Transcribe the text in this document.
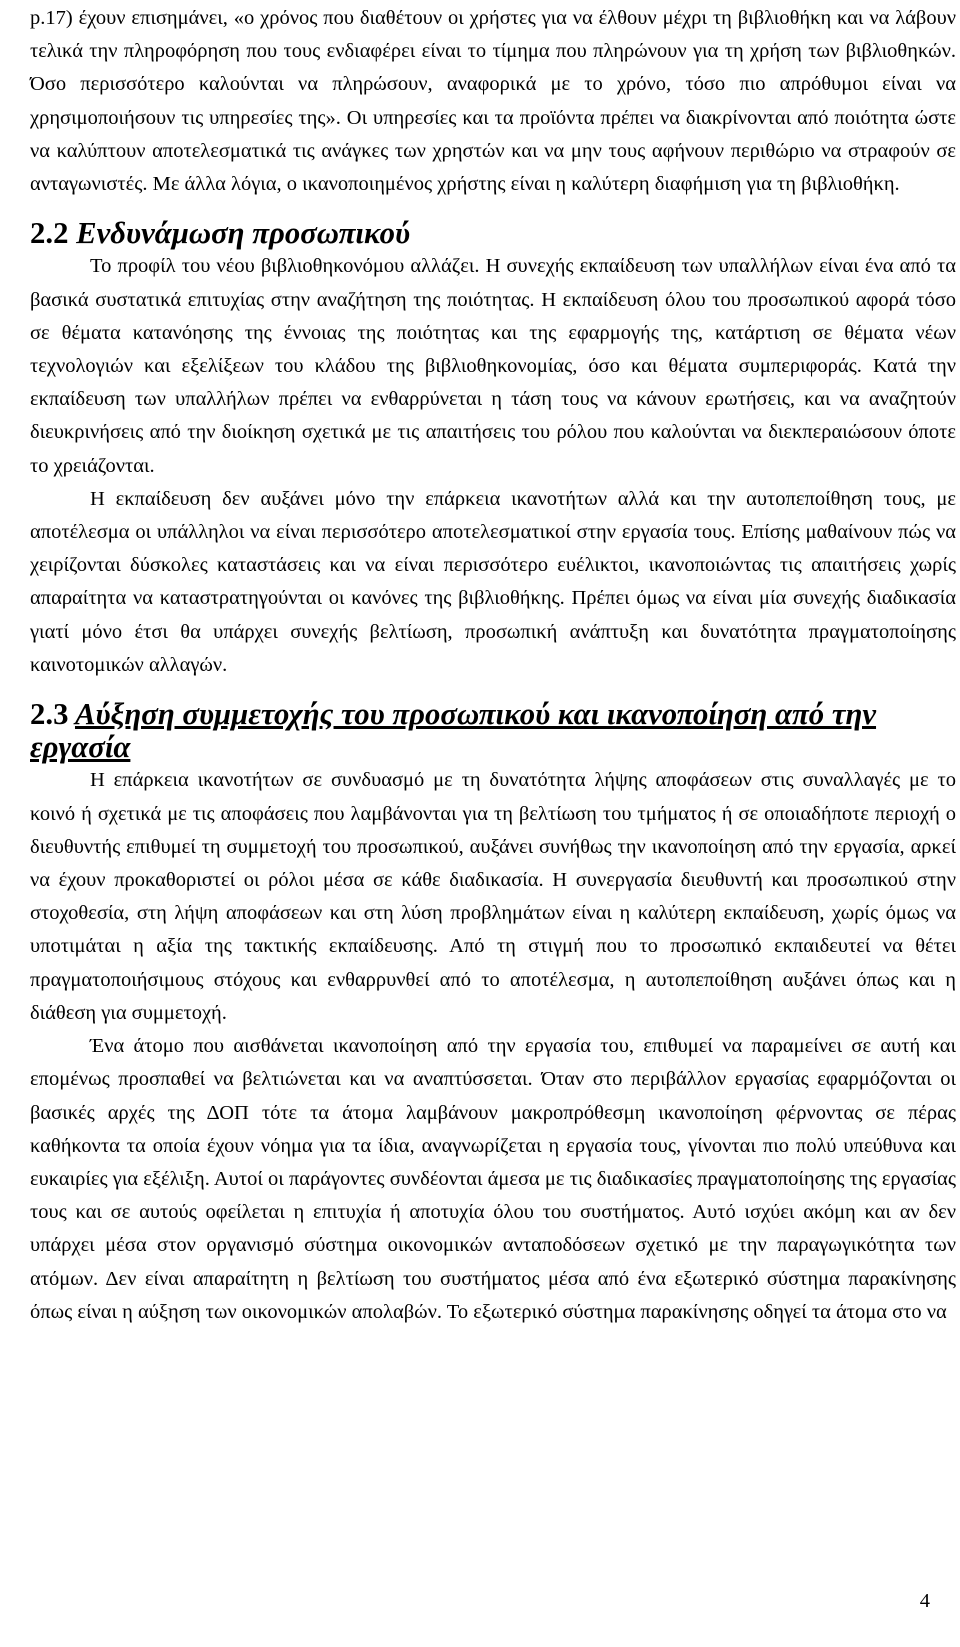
p.17) έχουν επισημάνει, «ο χρόνος που διαθέτουν οι χρήστες για να έλθουν μέχρι τη βιβλιοθήκη και να λάβουν τελικά την πληροφόρηση που τους ενδιαφέρει είναι το τίμημα που πληρώνουν για τη χρήση των βιβλιοθηκών. Όσο περισσότερο καλούνται να πληρώσουν, αναφορικά με το χρόνο, τόσο πιο απρόθυμοι είναι να χρησιμοποιήσουν τις υπηρεσίες της». Οι υπηρεσίες και τα προϊόντα πρέπει να διακρίνονται από ποιότητα ώστε να καλύπτουν αποτελεσματικά τις ανάγκες των χρηστών και να μην τους αφήνουν περιθώριο να στραφούν σε ανταγωνιστές. Με άλλα λόγια, ο ικανοποιημένος χρήστης είναι η καλύτερη διαφήμιση για τη βιβλιοθήκη.

2.2 Ενδυνάμωση προσωπικού

Το προφίλ του νέου βιβλιοθηκονόμου αλλάζει. Η συνεχής εκπαίδευση των υπαλλήλων είναι ένα από τα βασικά συστατικά επιτυχίας στην αναζήτηση της ποιότητας. Η εκπαίδευση όλου του προσωπικού αφορά τόσο σε θέματα κατανόησης της έννοιας της ποιότητας και της εφαρμογής της, κατάρτιση σε θέματα νέων τεχνολογιών και εξελίξεων του κλάδου της βιβλιοθηκονομίας, όσο και θέματα συμπεριφοράς. Κατά την εκπαίδευση των υπαλλήλων πρέπει να ενθαρρύνεται η τάση τους να κάνουν ερωτήσεις, και να αναζητούν διευκρινήσεις από την διοίκηση σχετικά με τις απαιτήσεις του ρόλου που καλούνται να διεκπεραιώσουν όποτε το χρειάζονται.

Η εκπαίδευση δεν αυξάνει μόνο την επάρκεια ικανοτήτων αλλά και την αυτοπεποίθηση τους, με αποτέλεσμα οι υπάλληλοι να είναι περισσότερο αποτελεσματικοί στην εργασία τους. Επίσης μαθαίνουν πώς να χειρίζονται δύσκολες καταστάσεις και να είναι περισσότερο ευέλικτοι, ικανοποιώντας τις απαιτήσεις χωρίς απαραίτητα να καταστρατηγούνται οι κανόνες της βιβλιοθήκης. Πρέπει όμως να είναι μία συνεχής διαδικασία γιατί μόνο έτσι θα υπάρχει συνεχής βελτίωση, προσωπική ανάπτυξη και δυνατότητα πραγματοποίησης καινοτομικών αλλαγών.

2.3 Αύξηση συμμετοχής του προσωπικού και ικανοποίηση από την εργασία

Η επάρκεια ικανοτήτων σε συνδυασμό με τη δυνατότητα λήψης αποφάσεων στις συναλλαγές με το κοινό ή σχετικά με τις αποφάσεις που λαμβάνονται για τη βελτίωση του τμήματος ή σε οποιαδήποτε περιοχή ο διευθυντής επιθυμεί τη συμμετοχή του προσωπικού, αυξάνει συνήθως την ικανοποίηση από την εργασία, αρκεί να έχουν προκαθοριστεί οι ρόλοι μέσα σε κάθε διαδικασία. Η συνεργασία διευθυντή και προσωπικού στην στοχοθεσία, στη λήψη αποφάσεων και στη λύση προβλημάτων είναι η καλύτερη εκπαίδευση, χωρίς όμως να υποτιμάται η αξία της τακτικής εκπαίδευσης. Από τη στιγμή που το προσωπικό εκπαιδευτεί να θέτει πραγματοποιήσιμους στόχους και ενθαρρυνθεί από το αποτέλεσμα, η αυτοπεποίθηση αυξάνει όπως και η διάθεση για συμμετοχή.

Ένα άτομο που αισθάνεται ικανοποίηση από την εργασία του, επιθυμεί να παραμείνει σε αυτή και επομένως προσπαθεί να βελτιώνεται και να αναπτύσσεται. Όταν στο περιβάλλον εργασίας εφαρμόζονται οι βασικές αρχές της ΔΟΠ τότε τα άτομα λαμβάνουν μακροπρόθεσμη ικανοποίηση φέρνοντας σε πέρας καθήκοντα τα οποία έχουν νόημα για τα ίδια, αναγνωρίζεται η εργασία τους, γίνονται πιο πολύ υπεύθυνα και ευκαιρίες για εξέλιξη. Αυτοί οι παράγοντες συνδέονται άμεσα με τις διαδικασίες πραγματοποίησης της εργασίας τους και σε αυτούς οφείλεται η επιτυχία ή αποτυχία όλου του συστήματος. Αυτό ισχύει ακόμη και αν δεν υπάρχει μέσα στον οργανισμό σύστημα οικονομικών ανταποδόσεων σχετικό με την παραγωγικότητα των ατόμων. Δεν είναι απαραίτητη η βελτίωση του συστήματος μέσα από ένα εξωτερικό σύστημα παρακίνησης όπως είναι η αύξηση των οικονομικών απολαβών. Το εξωτερικό σύστημα παρακίνησης οδηγεί τα άτομα στο να

4
